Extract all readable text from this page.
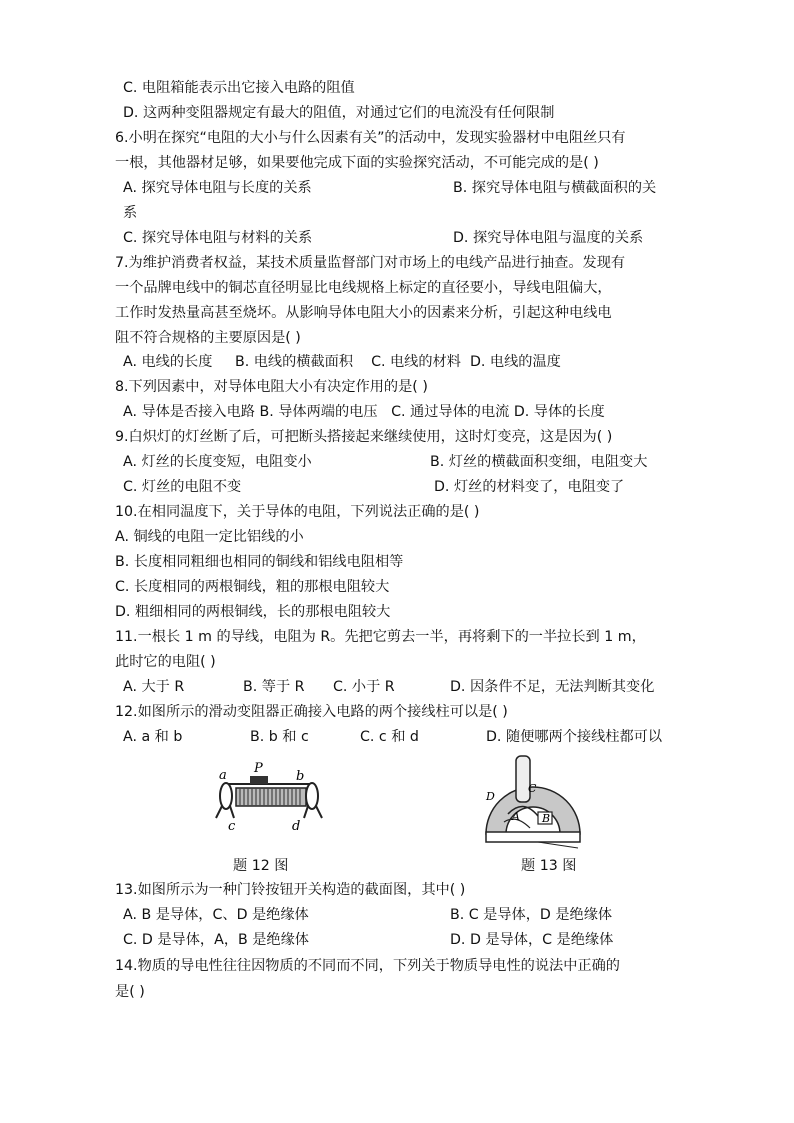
C. 电阻箱能表示出它接入电路的阻值
D. 这两种变阻器规定有最大的阻值，对通过它们的电流没有任何限制
6.小明在探究“电阻的大小与什么因素有关”的活动中，发现实验器材中电阻丝只有
一根，其他器材足够，如果要他完成下面的实验探究活动，不可能完成的是( )
A. 探究导体电阻与长度的关系	B. 探究导体电阻与横截面积的关
系
C. 探究导体电阻与材料的关系	D. 探究导体电阻与温度的关系
7.为维护消费者权益，某技术质量监督部门对市场上的电线产品进行抽查。发现有
一个品牌电线中的铜芯直径明显比电线规格上标定的直径要小，导线电阻偏大，
工作时发热量高甚至烧坏。从影响导体电阻大小的因素来分析，引起这种电线电
阻不符合规格的主要原因是( )
A. 电线的长度     B. 电线的横截面积    C. 电线的材料  D. 电线的温度
8.下列因素中，对导体电阻大小有决定作用的是( )
A. 导体是否接入电路 B. 导体两端的电压   C. 通过导体的电流 D. 导体的长度
9.白炽灯的灯丝断了后，可把断头搭接起来继续使用，这时灯变亮，这是因为( )
A. 灯丝的长度变短，电阻变小	B. 灯丝的横截面积变细，电阻变大
C. 灯丝的电阻不变	D. 灯丝的材料变了，电阻变了
10.在相同温度下，关于导体的电阻，下列说法正确的是( )
A. 铜线的电阻一定比铝线的小
B. 长度相同粗细也相同的铜线和铝线电阻相等
C. 长度相同的两根铜线，粗的那根电阻较大
D. 粗细相同的两根铜线，长的那根电阻较大
11.一根长 1 m 的导线，电阻为 R。先把它剪去一半，再将剩下的一半拉长到 1 m，
此时它的电阻( )
A. 大于 R	B. 等于 R C. 小于 R	D. 因条件不足，无法判断其变化
12.如图所示的滑动变阻器正确接入电路的两个接线柱可以是( )
A. a 和 b	B. b 和 c	C. c 和 d	D. 随便哪两个接线柱都可以
a P
b
c	d
D
C
A B
题 12 图	题 13 图
13.如图所示为一种门铃按钮开关构造的截面图，其中( )
A. B 是导体，C、D 是绝缘体	B. C 是导体，D 是绝缘体
C. D 是导体，A，B 是绝缘体	D. D 是导体，C 是绝缘体
14.物质的导电性往往因物质的不同而不同，下列关于物质导电性的说法中正确的
是( )
